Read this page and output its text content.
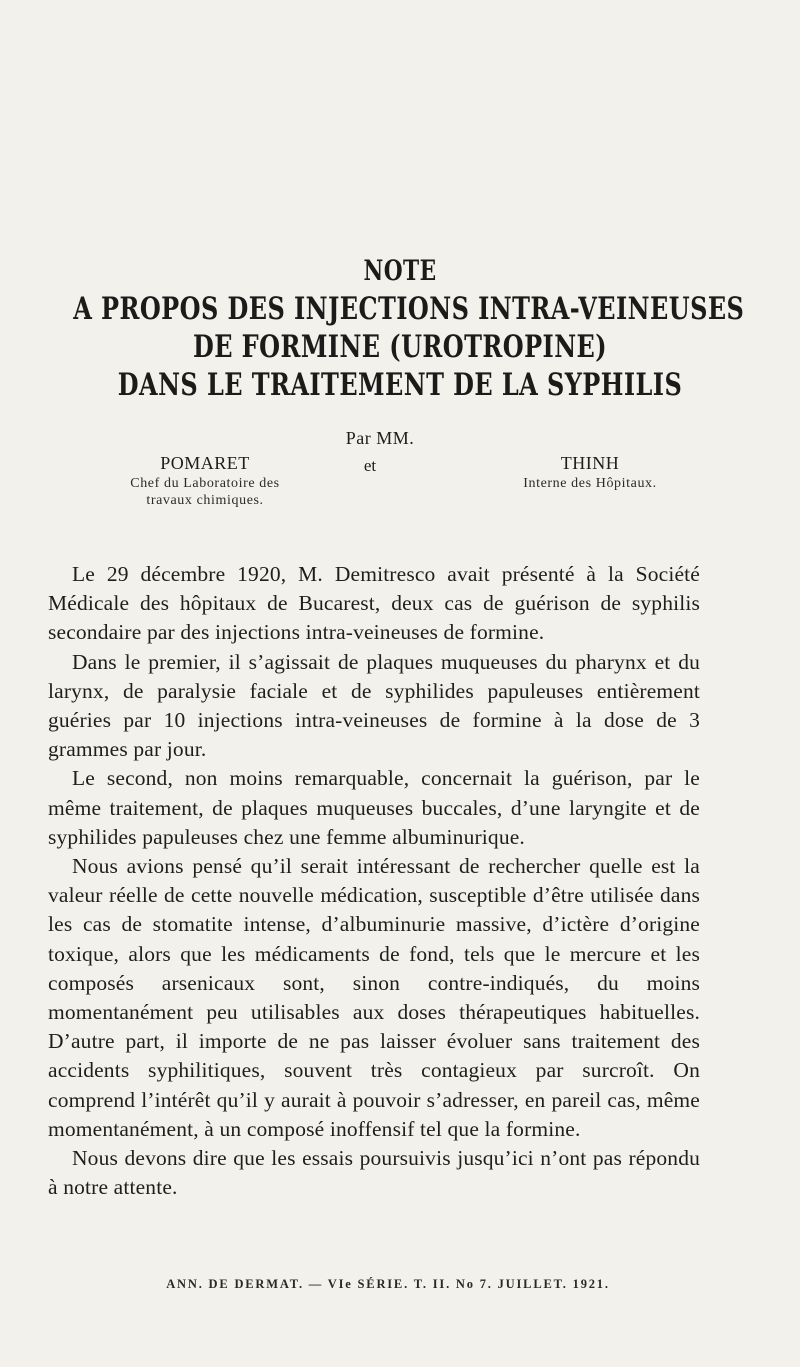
NOTE
A PROPOS DES INJECTIONS INTRA-VEINEUSES
DE FORMINE (UROTROPINE)
DANS LE TRAITEMENT DE LA SYPHILIS
Par MM.
POMARET
Chef du Laboratoire des
travaux chimiques.
et	THINH
Interne des Hôpitaux.

Le 29 décembre 1920, M. Demitresco avait présenté à la Société Médicale des hôpitaux de Bucarest, deux cas de guérison de syphilis secondaire par des injections intra-veineuses de formine.

Dans le premier, il s’agissait de plaques muqueuses du pharynx et du larynx, de paralysie faciale et de syphilides papuleuses entièrement guéries par 10 injections intra-veineuses de formine à la dose de 3 grammes par jour.

Le second, non moins remarquable, concernait la guérison, par le même traitement, de plaques muqueuses buccales, d’une laryngite et de syphilides papuleuses chez une femme albuminurique.

Nous avions pensé qu’il serait intéressant de rechercher quelle est la valeur réelle de cette nouvelle médication, susceptible d’être utilisée dans les cas de stomatite intense, d’albuminurie massive, d’ictère d’origine toxique, alors que les médicaments de fond, tels que le mercure et les composés arsenicaux sont, sinon contre-indiqués, du moins momentanément peu utilisables aux doses thérapeutiques habituelles. D’autre part, il importe de ne pas laisser évoluer sans traitement des accidents syphilitiques, souvent très contagieux par surcroît. On comprend l’intérêt qu’il y aurait à pouvoir s’adresser, en pareil cas, même momentanément, à un composé inoffensif tel que la formine.

Nous devons dire que les essais poursuivis jusqu’ici n’ont pas répondu à notre attente.

ANN. DE DERMAT. — VIe SÉRIE. T. II. No 7. JUILLET. 1921.
